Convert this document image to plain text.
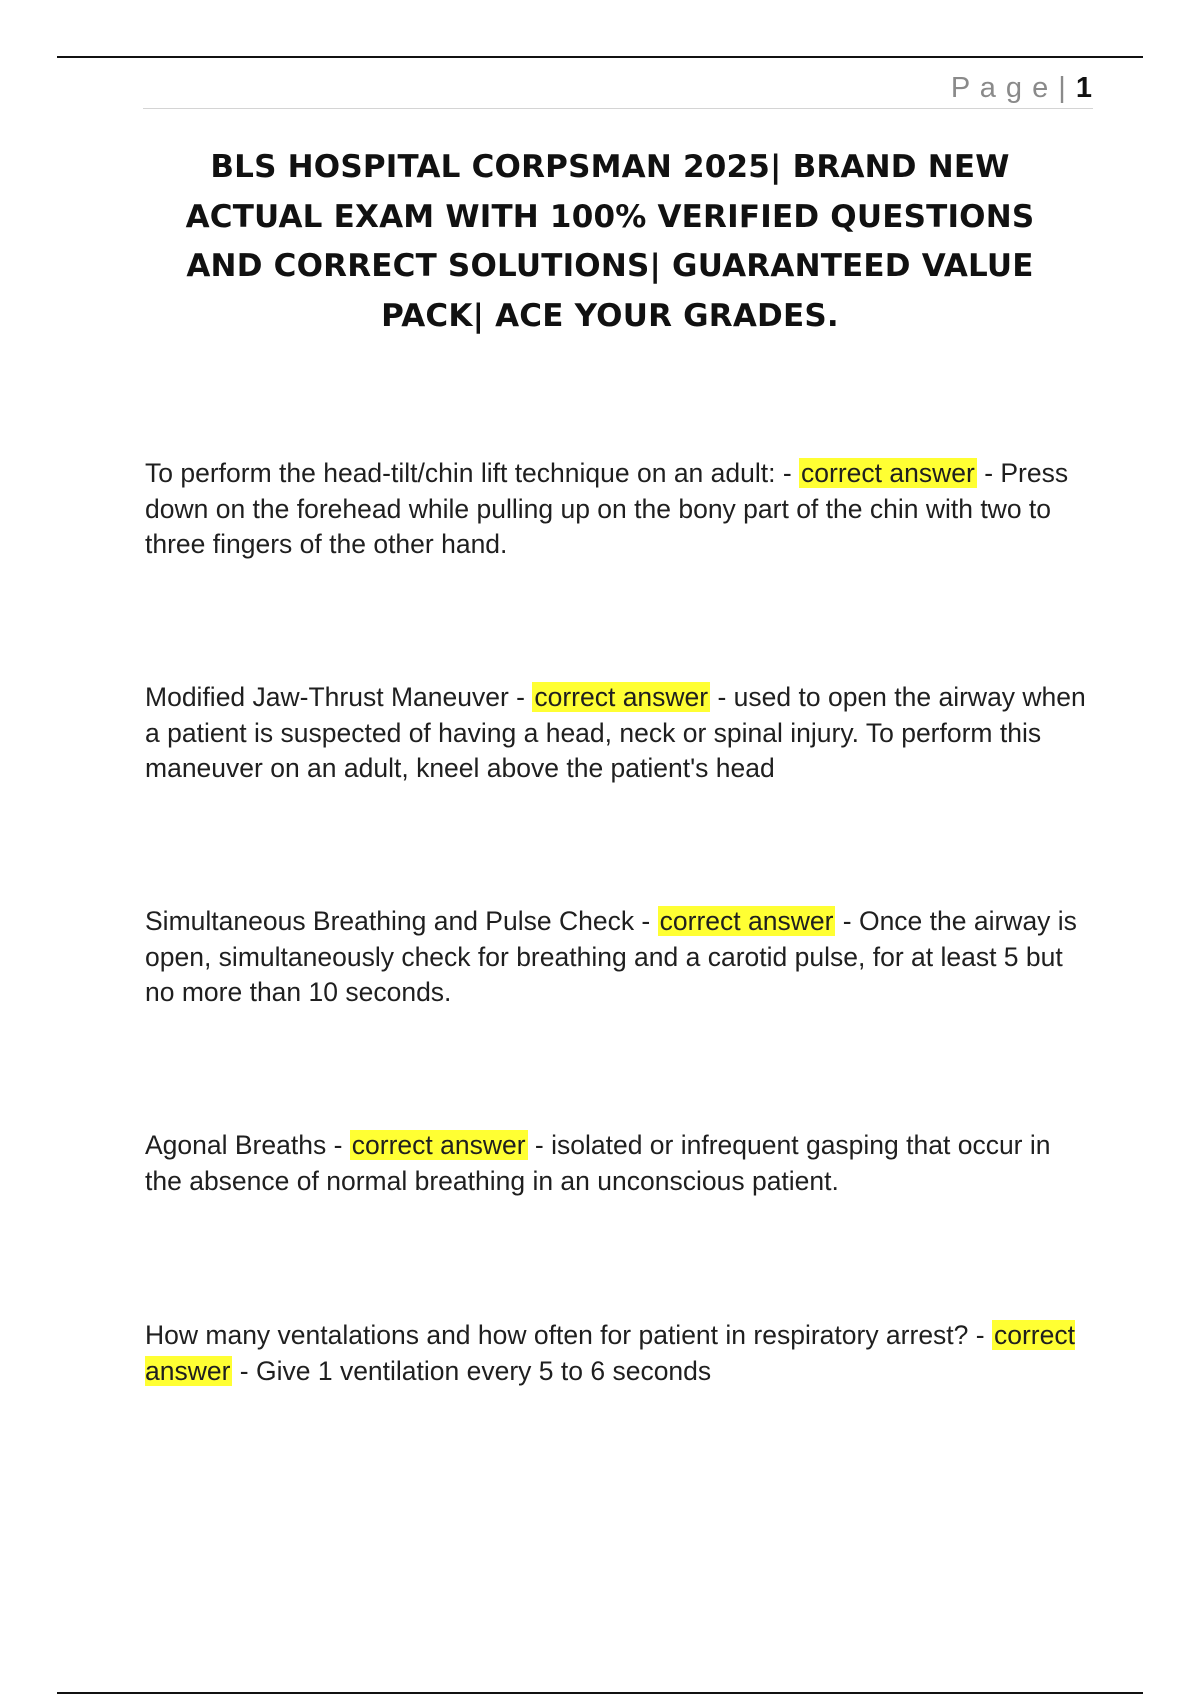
P a g e | 1
BLS HOSPITAL CORPSMAN 2025| BRAND NEW ACTUAL EXAM WITH 100% VERIFIED QUESTIONS AND CORRECT SOLUTIONS| GUARANTEED VALUE PACK| ACE YOUR GRADES.

To perform the head-tilt/chin lift technique on an adult: - correct answer - Press down on the forehead while pulling up on the bony part of the chin with two to three fingers of the other hand.

Modified Jaw-Thrust Maneuver - correct answer - used to open the airway when a patient is suspected of having a head, neck or spinal injury. To perform this maneuver on an adult, kneel above the patient's head

Simultaneous Breathing and Pulse Check - correct answer - Once the airway is open, simultaneously check for breathing and a carotid pulse, for at least 5 but no more than 10 seconds.

Agonal Breaths - correct answer - isolated or infrequent gasping that occur in the absence of normal breathing in an unconscious patient.

How many ventalations and how often for patient in respiratory arrest? - correct answer - Give 1 ventilation every 5 to 6 seconds
